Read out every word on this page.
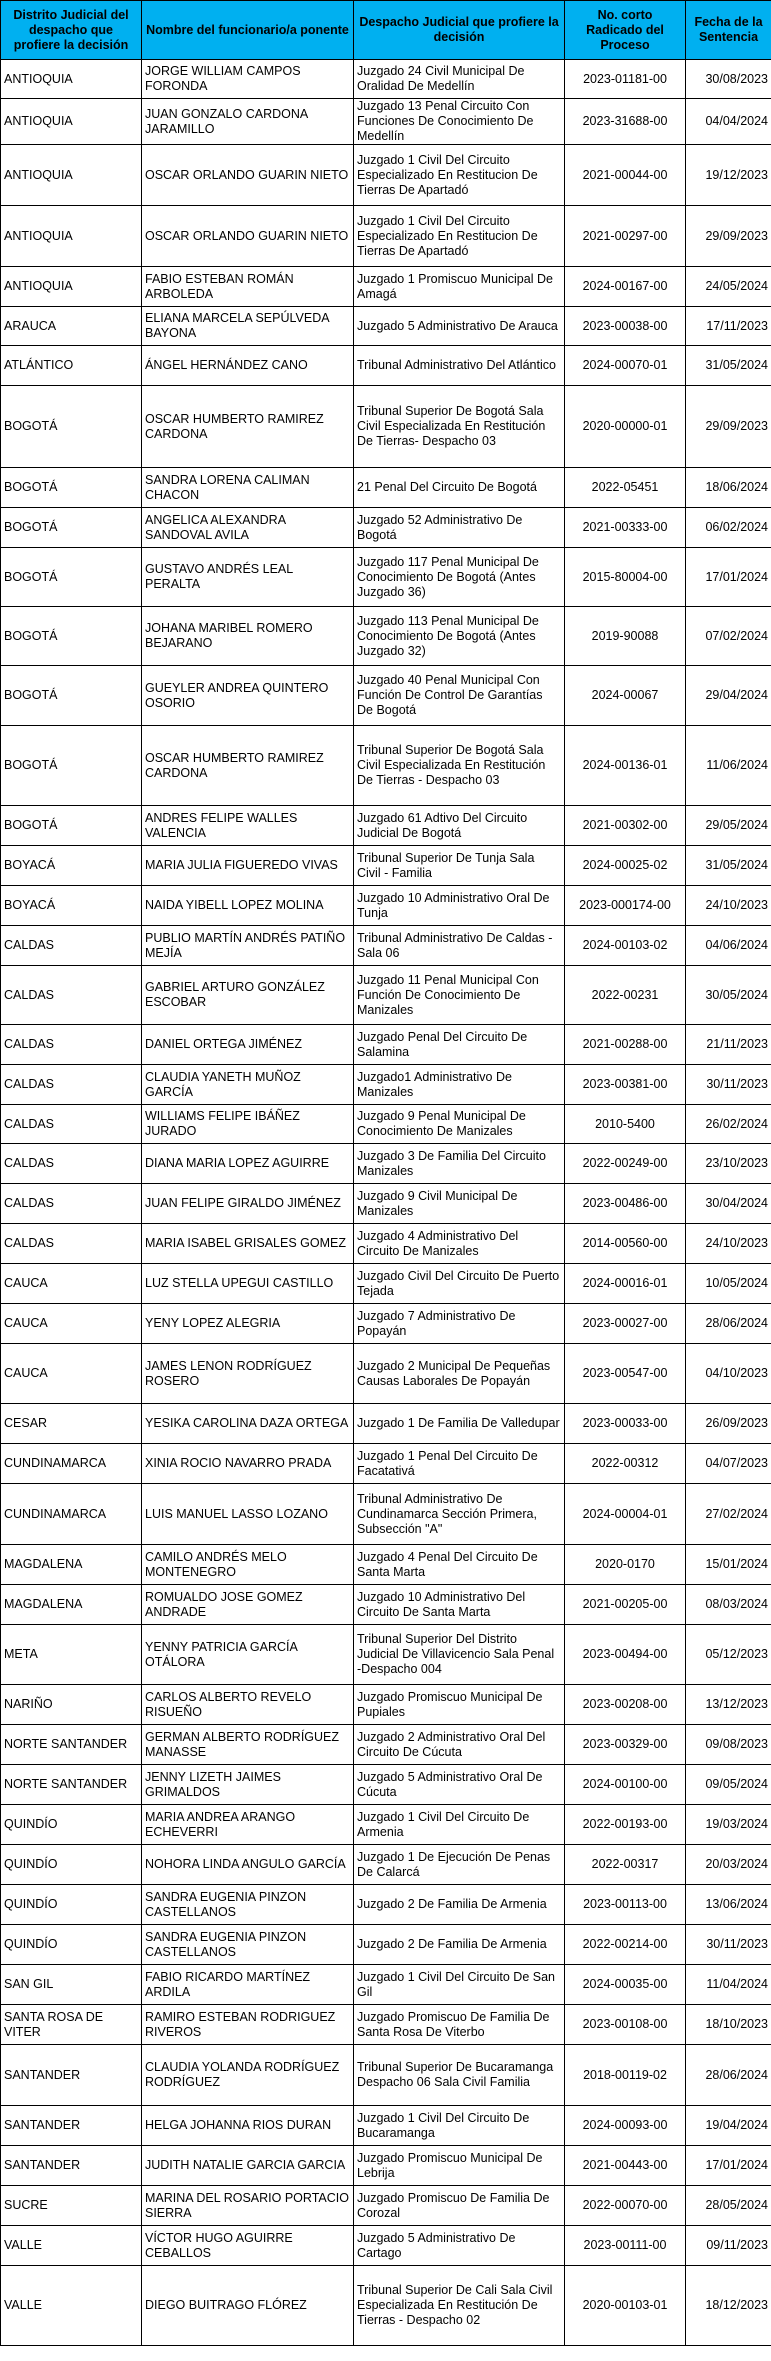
Distrito Judicial del despacho que profiere la decisión	Nombre del funcionario/a ponente	Despacho Judicial que profiere la decisión	No. corto Radicado del Proceso	Fecha de la Sentencia
ANTIOQUIA	JORGE WILLIAM CAMPOS FORONDA	Juzgado 24 Civil Municipal De Oralidad De Medellín	2023-01181-00	30/08/2023
ANTIOQUIA	JUAN GONZALO CARDONA JARAMILLO	Juzgado 13 Penal Circuito Con Funciones De Conocimiento De Medellín	2023-31688-00	04/04/2024
ANTIOQUIA	OSCAR ORLANDO GUARIN NIETO	Juzgado 1 Civil Del Circuito Especializado En Restitucion De Tierras De Apartadó	2021-00044-00	19/12/2023
ANTIOQUIA	OSCAR ORLANDO GUARIN NIETO	Juzgado 1 Civil Del Circuito Especializado En Restitucion De Tierras De Apartadó	2021-00297-00	29/09/2023
ANTIOQUIA	FABIO ESTEBAN ROMÁN ARBOLEDA	Juzgado 1 Promiscuo Municipal De Amagá	2024-00167-00	24/05/2024
ARAUCA	ELIANA MARCELA SEPÚLVEDA BAYONA	Juzgado 5 Administrativo De Arauca	2023-00038-00	17/11/2023
ATLÁNTICO	ÁNGEL HERNÁNDEZ CANO	Tribunal Administrativo Del Atlántico	2024-00070-01	31/05/2024
BOGOTÁ	OSCAR HUMBERTO RAMIREZ CARDONA	Tribunal Superior De Bogotá Sala Civil Especializada En Restitución De Tierras- Despacho 03	2020-00000-01	29/09/2023
BOGOTÁ	SANDRA LORENA CALIMAN CHACON	21 Penal Del Circuito De Bogotá	2022-05451	18/06/2024
BOGOTÁ	ANGELICA ALEXANDRA SANDOVAL AVILA	Juzgado 52 Administrativo De Bogotá	2021-00333-00	06/02/2024
BOGOTÁ	GUSTAVO ANDRÉS LEAL PERALTA	Juzgado 117 Penal Municipal De Conocimiento De Bogotá (Antes Juzgado 36)	2015-80004-00	17/01/2024
BOGOTÁ	JOHANA MARIBEL ROMERO BEJARANO	Juzgado 113 Penal Municipal De Conocimiento De Bogotá (Antes Juzgado 32)	2019-90088	07/02/2024
BOGOTÁ	GUEYLER ANDREA QUINTERO OSORIO	Juzgado 40 Penal Municipal Con Función De Control De Garantías De Bogotá	2024-00067	29/04/2024
BOGOTÁ	OSCAR HUMBERTO RAMIREZ CARDONA	Tribunal Superior De Bogotá Sala Civil Especializada En Restitución De Tierras - Despacho 03	2024-00136-01	11/06/2024
BOGOTÁ	ANDRES FELIPE WALLES VALENCIA	Juzgado 61 Adtivo Del Circuito Judicial De Bogotá	2021-00302-00	29/05/2024
BOYACÁ	MARIA JULIA FIGUEREDO VIVAS	Tribunal Superior De Tunja Sala Civil - Familia	2024-00025-02	31/05/2024
BOYACÁ	NAIDA YIBELL LOPEZ MOLINA	Juzgado 10 Administrativo Oral De Tunja	2023-000174-00	24/10/2023
CALDAS	PUBLIO MARTÍN ANDRÉS PATIÑO MEJÍA	Tribunal Administrativo De Caldas - Sala 06	2024-00103-02	04/06/2024
CALDAS	GABRIEL ARTURO GONZÁLEZ ESCOBAR	Juzgado 11 Penal Municipal Con Función De Conocimiento De Manizales	2022-00231	30/05/2024
CALDAS	DANIEL ORTEGA JIMÉNEZ	Juzgado Penal Del Circuito De Salamina	2021-00288-00	21/11/2023
CALDAS	CLAUDIA YANETH MUÑOZ GARCÍA	Juzgado1 Administrativo De Manizales	2023-00381-00	30/11/2023
CALDAS	WILLIAMS FELIPE IBÁÑEZ JURADO	Juzgado 9 Penal Municipal De Conocimiento De Manizales	2010-5400	26/02/2024
CALDAS	DIANA MARIA LOPEZ AGUIRRE	Juzgado 3 De Familia Del Circuito Manizales	2022-00249-00	23/10/2023
CALDAS	JUAN FELIPE GIRALDO JIMÉNEZ	Juzgado 9 Civil Municipal De Manizales	2023-00486-00	30/04/2024
CALDAS	MARIA ISABEL GRISALES GOMEZ	Juzgado 4 Administrativo Del Circuito De Manizales	2014-00560-00	24/10/2023
CAUCA	LUZ STELLA UPEGUI CASTILLO	Juzgado Civil Del Circuito De Puerto Tejada	2024-00016-01	10/05/2024
CAUCA	YENY LOPEZ ALEGRIA	Juzgado 7 Administrativo De Popayán	2023-00027-00	28/06/2024
CAUCA	JAMES LENON RODRÍGUEZ ROSERO	Juzgado 2 Municipal De Pequeñas Causas Laborales De Popayán	2023-00547-00	04/10/2023
CESAR	YESIKA CAROLINA DAZA ORTEGA	Juzgado 1 De Familia De Valledupar	2023-00033-00	26/09/2023
CUNDINAMARCA	XINIA ROCIO NAVARRO PRADA	Juzgado 1 Penal Del Circuito De Facatativá	2022-00312	04/07/2023
CUNDINAMARCA	LUIS MANUEL LASSO LOZANO	Tribunal Administrativo De Cundinamarca Sección Primera, Subsección "A"	2024-00004-01	27/02/2024
MAGDALENA	CAMILO ANDRÉS MELO MONTENEGRO	Juzgado 4 Penal Del Circuito De Santa Marta	2020-0170	15/01/2024
MAGDALENA	ROMUALDO JOSE GOMEZ ANDRADE	Juzgado 10 Administrativo Del Circuito De Santa Marta	2021-00205-00	08/03/2024
META	YENNY PATRICIA GARCÍA OTÁLORA	Tribunal Superior Del Distrito Judicial De Villavicencio Sala Penal -Despacho 004	2023-00494-00	05/12/2023
NARIÑO	CARLOS ALBERTO REVELO RISUEÑO	Juzgado Promiscuo Municipal De Pupiales	2023-00208-00	13/12/2023
NORTE SANTANDER	GERMAN ALBERTO RODRÍGUEZ MANASSE	Juzgado 2 Administrativo Oral Del Circuito De Cúcuta	2023-00329-00	09/08/2023
NORTE SANTANDER	JENNY LIZETH JAIMES GRIMALDOS	Juzgado 5 Administrativo Oral De Cúcuta	2024-00100-00	09/05/2024
QUINDÍO	MARIA ANDREA ARANGO ECHEVERRI	Juzgado 1 Civil Del Circuito De Armenia	2022-00193-00	19/03/2024
QUINDÍO	NOHORA LINDA ANGULO GARCÍA	Juzgado 1 De Ejecución De Penas De Calarcá	2022-00317	20/03/2024
QUINDÍO	SANDRA EUGENIA PINZON CASTELLANOS	Juzgado 2 De Familia De Armenia	2023-00113-00	13/06/2024
QUINDÍO	SANDRA EUGENIA PINZON CASTELLANOS	Juzgado 2 De Familia De Armenia	2022-00214-00	30/11/2023
SAN GIL	FABIO RICARDO MARTÍNEZ ARDILA	Juzgado 1 Civil Del Circuito De San Gil	2024-00035-00	11/04/2024
SANTA ROSA DE VITER	RAMIRO ESTEBAN RODRIGUEZ RIVEROS	Juzgado Promiscuo De Familia De Santa Rosa De Viterbo	2023-00108-00	18/10/2023
SANTANDER	CLAUDIA YOLANDA RODRÍGUEZ RODRÍGUEZ	Tribunal Superior De Bucaramanga Despacho 06 Sala Civil Familia	2018-00119-02	28/06/2024
SANTANDER	HELGA JOHANNA RIOS DURAN	Juzgado 1 Civil Del Circuito De Bucaramanga	2024-00093-00	19/04/2024
SANTANDER	JUDITH NATALIE GARCIA GARCIA	Juzgado Promiscuo Municipal De Lebrija	2021-00443-00	17/01/2024
SUCRE	MARINA DEL ROSARIO PORTACIO SIERRA	Juzgado Promiscuo De Familia De Corozal	2022-00070-00	28/05/2024
VALLE	VÍCTOR HUGO AGUIRRE CEBALLOS	Juzgado 5 Administrativo De Cartago	2023-00111-00	09/11/2023
VALLE	DIEGO BUITRAGO FLÓREZ	Tribunal Superior De Cali Sala Civil Especializada En Restitución De Tierras - Despacho 02	2020-00103-01	18/12/2023
